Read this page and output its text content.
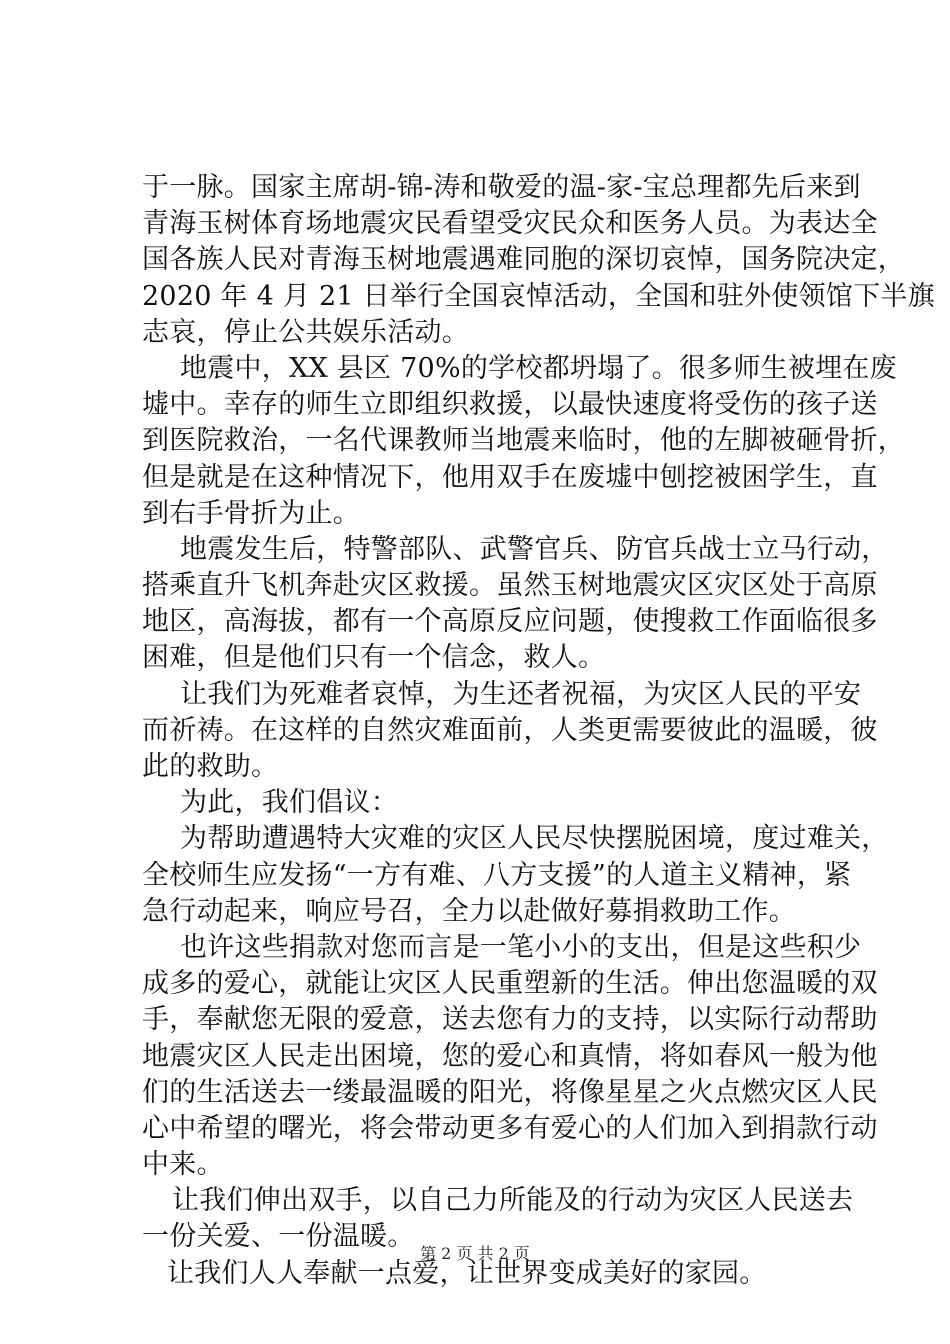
于一脉。国家主席胡-锦-涛和敬爱的温-家-宝总理都先后来到
青海玉树体育场地震灾民看望受灾民众和医务人员。为表达全
国各族人民对青海玉树地震遇难同胞的深切哀悼，国务院决定，
2020 年 4 月 21 日举行全国哀悼活动，全国和驻外使领馆下半旗
志哀，停止公共娱乐活动。
地震中，XX 县区 70%的学校都坍塌了。很多师生被埋在废
墟中。幸存的师生立即组织救援，以最快速度将受伤的孩子送
到医院救治，一名代课教师当地震来临时，他的左脚被砸骨折，
但是就是在这种情况下，他用双手在废墟中刨挖被困学生，直
到右手骨折为止。
地震发生后，特警部队、武警官兵、防官兵战士立马行动，
搭乘直升飞机奔赴灾区救援。虽然玉树地震灾区灾区处于高原
地区，高海拔，都有一个高原反应问题，使搜救工作面临很多
困难，但是他们只有一个信念，救人。
让我们为死难者哀悼，为生还者祝福，为灾区人民的平安
而祈祷。在这样的自然灾难面前，人类更需要彼此的温暖，彼
此的救助。
为此，我们倡议：
为帮助遭遇特大灾难的灾区人民尽快摆脱困境，度过难关，
全校师生应发扬“一方有难、八方支援”的人道主义精神，紧
急行动起来，响应号召，全力以赴做好募捐救助工作。
也许这些捐款对您而言是一笔小小的支出，但是这些积少
成多的爱心，就能让灾区人民重塑新的生活。伸出您温暖的双
手，奉献您无限的爱意，送去您有力的支持，以实际行动帮助
地震灾区人民走出困境，您的爱心和真情，将如春风一般为他
们的生活送去一缕最温暖的阳光，将像星星之火点燃灾区人民
心中希望的曙光，将会带动更多有爱心的人们加入到捐款行动
中来。
让我们伸出双手，以自己力所能及的行动为灾区人民送去
一份关爱、一份温暖。
让我们人人奉献一点爱，让世界变成美好的家园。
第 2 页 共 2 页
